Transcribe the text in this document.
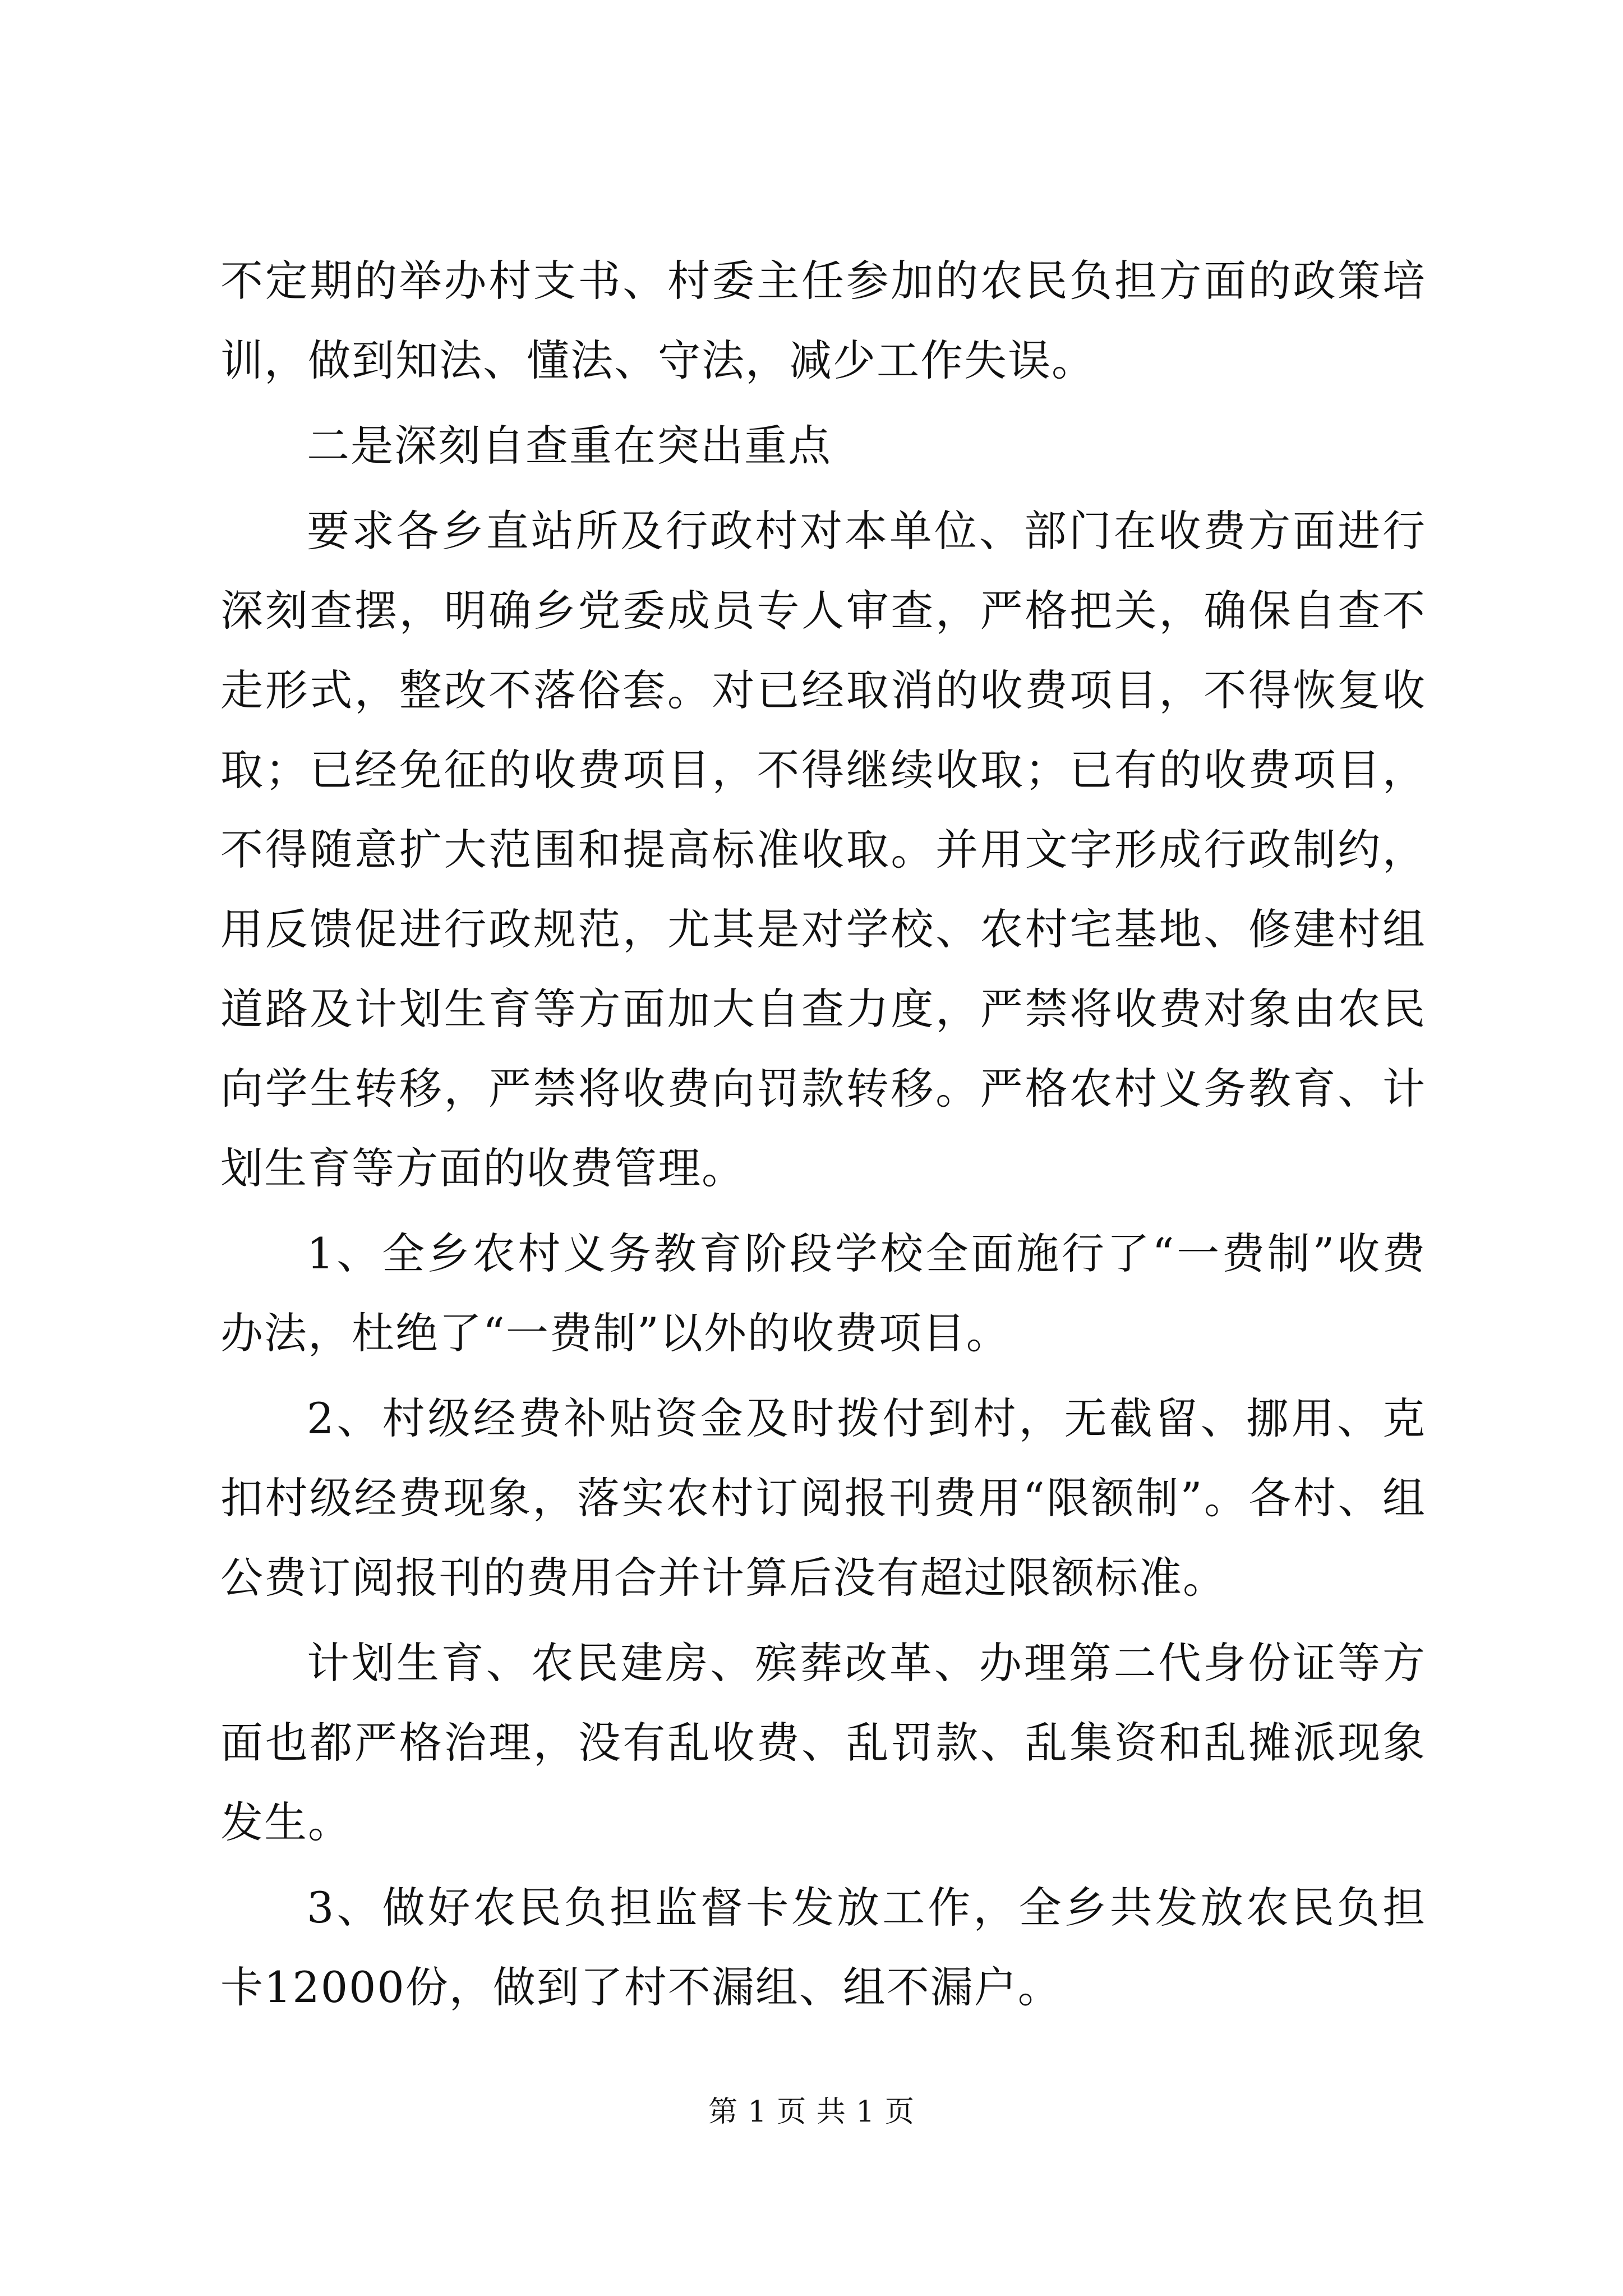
不定期的举办村支书、村委主任参加的农民负担方面的政策培训，做到知法、懂法、守法，减少工作失误。

二是深刻自查重在突出重点

要求各乡直站所及行政村对本单位、部门在收费方面进行深刻查摆，明确乡党委成员专人审查，严格把关，确保自查不走形式，整改不落俗套。对已经取消的收费项目，不得恢复收取；已经免征的收费项目，不得继续收取；已有的收费项目，不得随意扩大范围和提高标准收取。并用文字形成行政制约，用反馈促进行政规范，尤其是对学校、农村宅基地、修建村组道路及计划生育等方面加大自查力度，严禁将收费对象由农民向学生转移，严禁将收费向罚款转移。严格农村义务教育、计划生育等方面的收费管理。

1、全乡农村义务教育阶段学校全面施行了“一费制”收费办法，杜绝了“一费制”以外的收费项目。

2、村级经费补贴资金及时拨付到村，无截留、挪用、克扣村级经费现象，落实农村订阅报刊费用“限额制”。各村、组公费订阅报刊的费用合并计算后没有超过限额标准。

计划生育、农民建房、殡葬改革、办理第二代身份证等方面也都严格治理，没有乱收费、乱罚款、乱集资和乱摊派现象发生。

3、做好农民负担监督卡发放工作，全乡共发放农民负担卡12000份，做到了村不漏组、组不漏户。

第 1 页 共 1 页
